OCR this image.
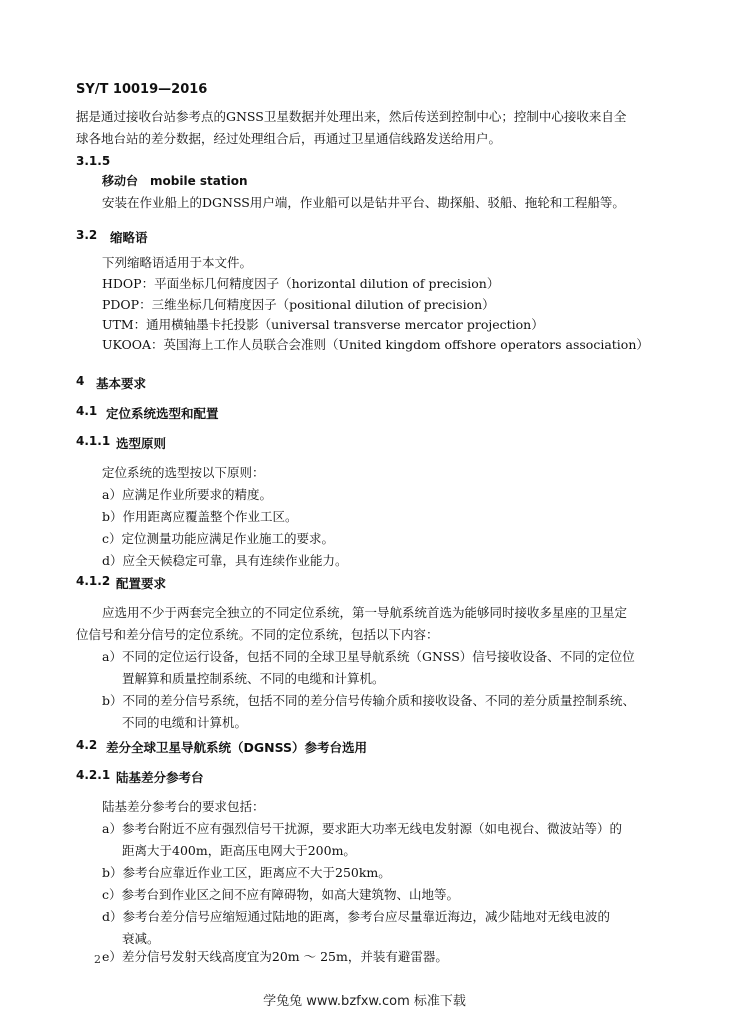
SY/T 10019—2016
据是通过接收台站参考点的GNSS卫星数据并处理出来，然后传送到控制中心；控制中心接收来自全
球各地台站的差分数据，经过处理组合后，再通过卫星通信线路发送给用户。
3.1.5
移动台　mobile station
安装在作业船上的DGNSS用户端，作业船可以是钻井平台、勘探船、驳船、拖轮和工程船等。
3.2 缩略语
下列缩略语适用于本文件。
HDOP：平面坐标几何精度因子（horizontal dilution of precision）
PDOP：三维坐标几何精度因子（positional dilution of precision）
UTM：通用横轴墨卡托投影（universal transverse mercator projection）
UKOOA：英国海上工作人员联合会准则（United kingdom offshore operators association）
4 基本要求
4.1 定位系统选型和配置
4.1.1 选型原则
定位系统的选型按以下原则：
a）应满足作业所要求的精度。
b）作用距离应覆盖整个作业工区。
c）定位测量功能应满足作业施工的要求。
d）应全天候稳定可靠，具有连续作业能力。
4.1.2 配置要求
应选用不少于两套完全独立的不同定位系统，第一导航系统首选为能够同时接收多星座的卫星定
位信号和差分信号的定位系统。不同的定位系统，包括以下内容：
a）不同的定位运行设备，包括不同的全球卫星导航系统（GNSS）信号接收设备、不同的定位位
置解算和质量控制系统、不同的电缆和计算机。
b）不同的差分信号系统，包括不同的差分信号传输介质和接收设备、不同的差分质量控制系统、
不同的电缆和计算机。
4.2 差分全球卫星导航系统（DGNSS）参考台选用
4.2.1 陆基差分参考台
陆基差分参考台的要求包括：
a）参考台附近不应有强烈信号干扰源，要求距大功率无线电发射源（如电视台、微波站等）的
距离大于400m，距高压电网大于200m。
b）参考台应靠近作业工区，距离应不大于250km。
c）参考台到作业区之间不应有障碍物，如高大建筑物、山地等。
d）参考台差分信号应缩短通过陆地的距离，参考台应尽量靠近海边，减少陆地对无线电波的
衰减。
e）差分信号发射天线高度宜为20m ～ 25m，并装有避雷器。
2
学兔兔 www.bzfxw.com 标准下载
